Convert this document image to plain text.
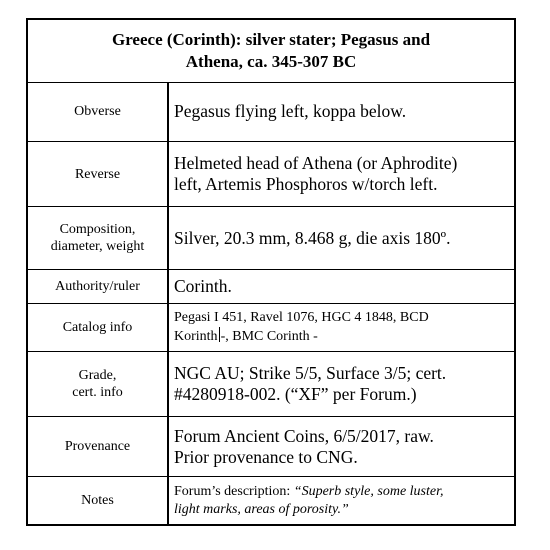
Greece (Corinth): silver stater; Pegasus and
Athena, ca. 345-307 BC
Obverse	Pegasus flying left, koppa below.
Reverse
Helmeted head of Athena (or Aphrodite)
left, Artemis Phosphoros w/torch left.
Composition,
diameter, weight Silver, 20.3 mm, 8.468 g, die axis 180º.
Authority/ruler Corinth.
Catalog info
Pegasi I 451, Ravel 1076, HGC 4 1848, BCD
Korinth -, BMC Corinth -
Grade,
cert. info
NGC AU; Strike 5/5, Surface 3/5; cert.
#4280918-002. (“XF” per Forum.)
Provenance
Forum Ancient Coins, 6/5/2017, raw.
Prior provenance to CNG.
Notes
Forum’s description: “Superb style, some luster,
light marks, areas of porosity.”
